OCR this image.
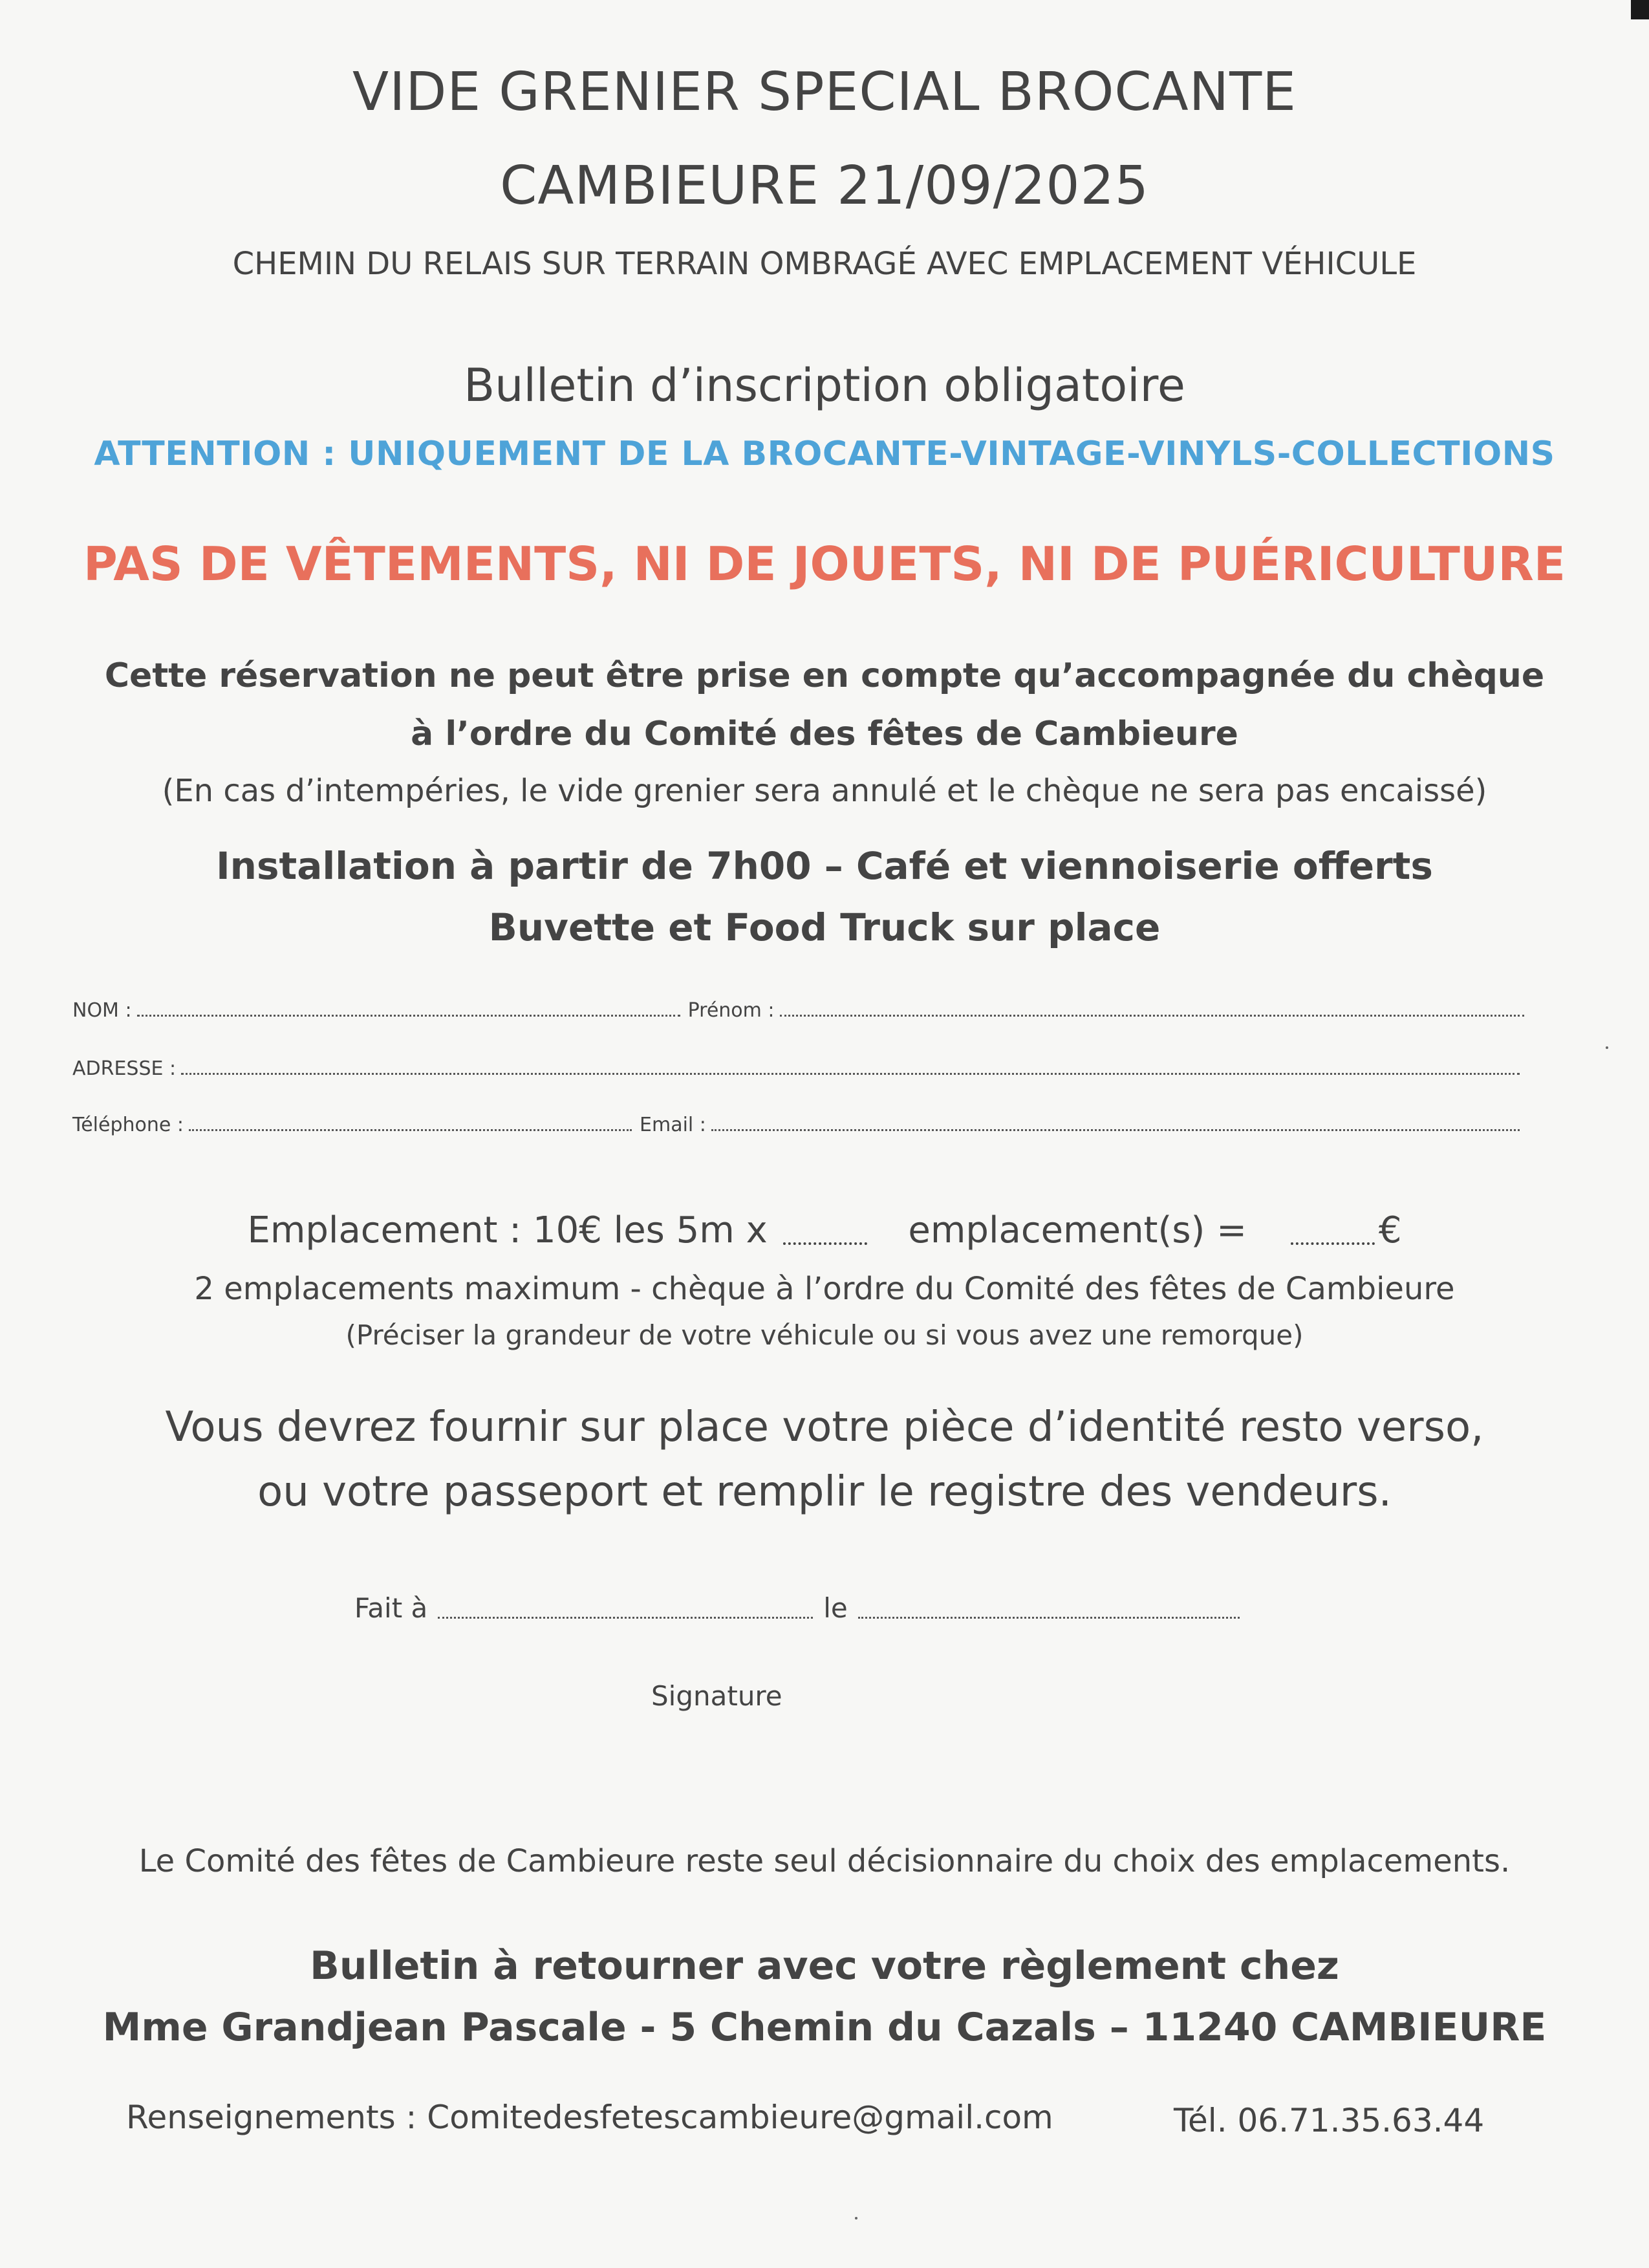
VIDE GRENIER SPECIAL BROCANTE
CAMBIEURE 21/09/2025
CHEMIN DU RELAIS SUR TERRAIN OMBRAGÉ AVEC EMPLACEMENT VÉHICULE
Bulletin d’inscription obligatoire
ATTENTION : UNIQUEMENT DE LA BROCANTE-VINTAGE-VINYLS-COLLECTIONS
PAS DE VÊTEMENTS, NI DE JOUETS, NI DE PUÉRICULTURE
Cette réservation ne peut être prise en compte qu’accompagnée du chèque
à l’ordre du Comité des fêtes de Cambieure
(En cas d’intempéries, le vide grenier sera annulé et le chèque ne sera pas encaissé)
Installation à partir de 7h00 – Café et viennoiserie offerts
Buvette et Food Truck sur place
NOM :	Prénom :
ADRESSE :
Téléphone :	Email :
Emplacement : 10€ les 5m x	emplacement(s) =	€
2 emplacements maximum - chèque à l’ordre du Comité des fêtes de Cambieure
(Préciser la grandeur de votre véhicule ou si vous avez une remorque)
Vous devrez fournir sur place votre pièce d’identité resto verso,
ou votre passeport et remplir le registre des vendeurs.
Fait à	le
Signature
Le Comité des fêtes de Cambieure reste seul décisionnaire du choix des emplacements.
Bulletin à retourner avec votre règlement chez
Mme Grandjean Pascale - 5 Chemin du Cazals – 11240 CAMBIEURE
Renseignements : Comitedesfetescambieure@gmail.com	Tél. 06.71.35.63.44
